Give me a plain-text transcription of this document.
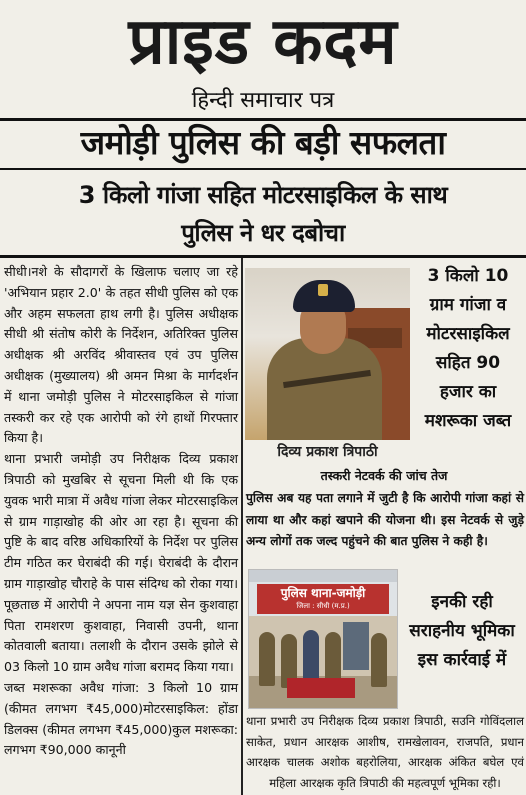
प्राइड कदम
हिन्दी समाचार पत्र
जमोड़ी पुलिस की बड़ी सफलता
3 किलो गांजा सहित मोटरसाइकिल के साथ
पुलिस ने धर दबोचा

सीधी।नशे के सौदागरों के खिलाफ चलाए जा रहे 'अभियान प्रहार 2.0' के तहत सीधी पुलिस को एक और अहम सफलता हाथ लगी है। पुलिस अधीक्षक सीधी श्री संतोष कोरी के निर्देशन, अतिरिक्त पुलिस अधीक्षक श्री अरविंद श्रीवास्तव एवं उप पुलिस अधीक्षक (मुख्यालय) श्री अमन मिश्रा के मार्गदर्शन में थाना जमोड़ी पुलिस ने मोटरसाइकिल से गांजा तस्करी कर रहे एक आरोपी को रंगे हाथों गिरफ्तार किया है।

थाना प्रभारी जमोड़ी उप निरीक्षक दिव्य प्रकाश त्रिपाठी को मुखबिर से सूचना मिली थी कि एक युवक भारी मात्रा में अवैध गांजा लेकर मोटरसाइकिल से ग्राम गाड़ाखोह की ओर आ रहा है। सूचना की पुष्टि के बाद वरिष्ठ अधिकारियों के निर्देश पर पुलिस टीम गठित कर घेराबंदी की गई। घेराबंदी के दौरान ग्राम गाड़ाखोह चौराहे के पास संदिग्ध को रोका गया। पूछताछ में आरोपी ने अपना नाम यज्ञ सेन कुशवाहा पिता रामशरण कुशवाहा, निवासी उपनी, थाना कोतवाली बताया। तलाशी के दौरान उसके झोले से 03 किलो 10 ग्राम अवैध गांजा बरामद किया गया।

जब्त मशरूका अवैध गांजा: 3 किलो 10 ग्राम (कीमत लगभग ₹45,000)मोटरसाइकिल: होंडा डिलक्स (कीमत लगभग ₹45,000)कुल मशरूका: लगभग ₹90,000 कानूनी

दिव्य प्रकाश त्रिपाठी
3 किलो 10
ग्राम गांजा व
मोटरसाइकिल
सहित 90
हजार का
मशरूका जब्त
तस्करी नेटवर्क की जांच तेज
पुलिस अब यह पता लगाने में जुटी है कि आरोपी गांजा कहां से लाया था और कहां खपाने की योजना थी। इस नेटवर्क से जुड़े अन्य लोगों तक जल्द पहुंचने की बात पुलिस ने कही है।
पुलिस थाना-जमोड़ी
जिला : सीधी (म.प्र.)	इनकी रही
सराहनीय भूमिका
इस कार्रवाई में
थाना प्रभारी उप निरीक्षक दिव्य प्रकाश त्रिपाठी, सउनि गोविंदलाल साकेत, प्रधान आरक्षक आशीष, रामखेलावन, राजपति, प्रधान आरक्षक चालक अशोक बहरोलिया, आरक्षक अंकित बघेल एवं महिला आरक्षक कृति त्रिपाठी की महत्वपूर्ण भूमिका रही।
